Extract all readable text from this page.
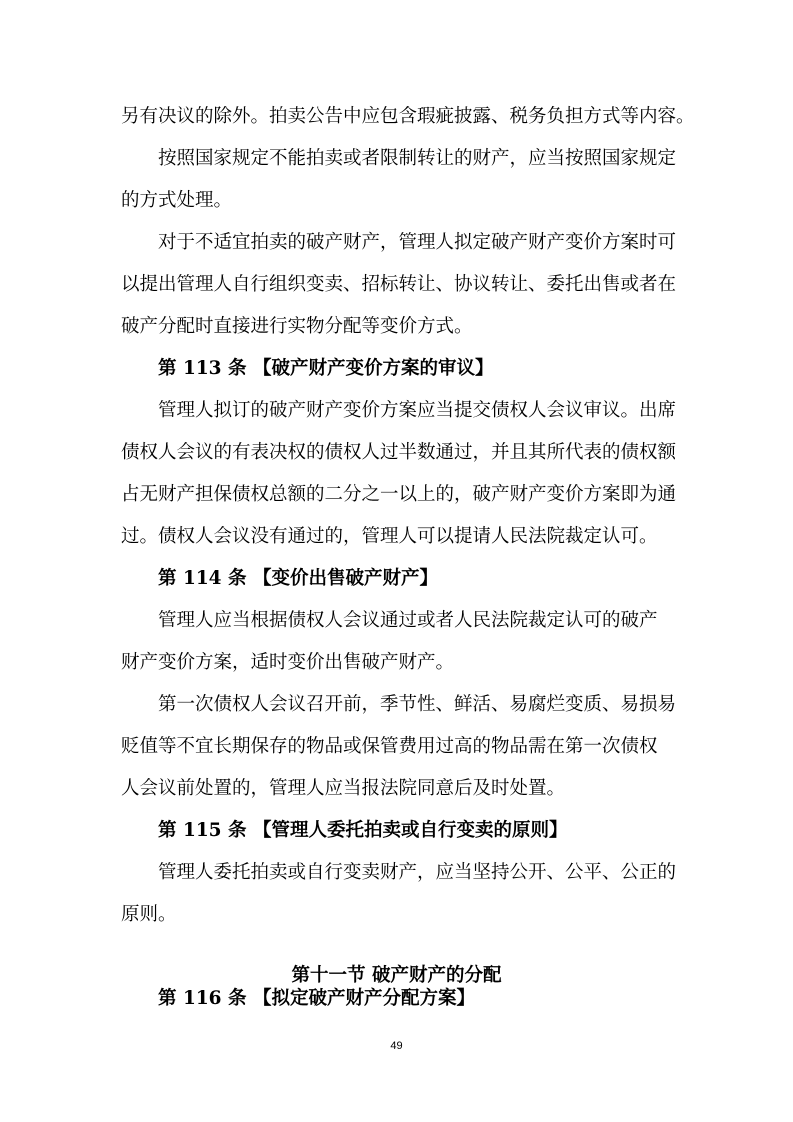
另有决议的除外。拍卖公告中应包含瑕疵披露、税务负担方式等内容。

按照国家规定不能拍卖或者限制转让的财产，应当按照国家规定

的方式处理。

对于不适宜拍卖的破产财产，管理人拟定破产财产变价方案时可

以提出管理人自行组织变卖、招标转让、协议转让、委托出售或者在

破产分配时直接进行实物分配等变价方式。

第 113 条 【破产财产变价方案的审议】

管理人拟订的破产财产变价方案应当提交债权人会议审议。出席

债权人会议的有表决权的债权人过半数通过，并且其所代表的债权额

占无财产担保债权总额的二分之一以上的，破产财产变价方案即为通

过。债权人会议没有通过的，管理人可以提请人民法院裁定认可。

第 114 条 【变价出售破产财产】

管理人应当根据债权人会议通过或者人民法院裁定认可的破产

财产变价方案，适时变价出售破产财产。

第一次债权人会议召开前，季节性、鲜活、易腐烂变质、易损易

贬值等不宜长期保存的物品或保管费用过高的物品需在第一次债权

人会议前处置的，管理人应当报法院同意后及时处置。

第 115 条 【管理人委托拍卖或自行变卖的原则】

管理人委托拍卖或自行变卖财产，应当坚持公开、公平、公正的

原则。

第十一节 破产财产的分配

第 116 条 【拟定破产财产分配方案】

49
